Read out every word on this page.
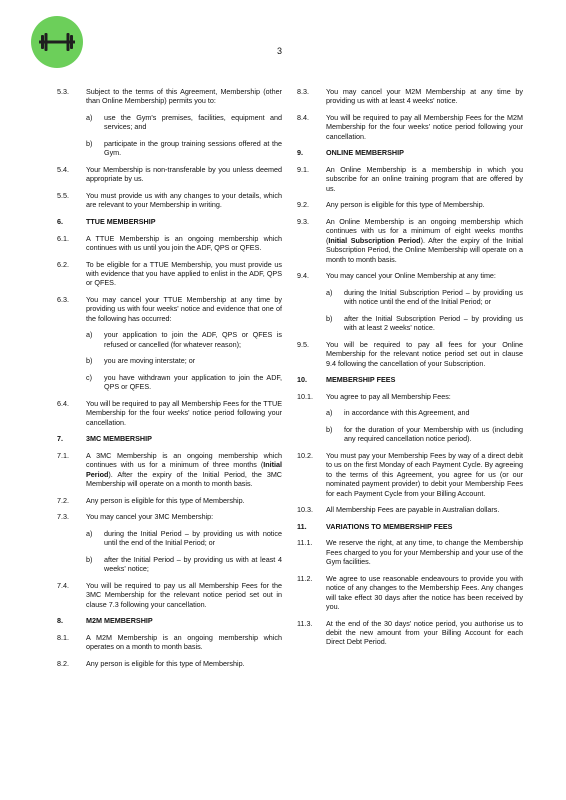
3
5.3.	Subject to the terms of this Agreement, Membership (other than Online Membership) permits you to:
a)	use the Gym's premises, facilities, equipment and services; and
b)	participate in the group training sessions offered at the Gym.
5.4.	Your Membership is non-transferable by you unless deemed appropriate by us.
5.5.	You must provide us with any changes to your details, which are relevant to your Membership in writing.
6.	TTUE MEMBERSHIP
6.1.	A TTUE Membership is an ongoing membership which continues with us until you join the ADF, QPS or QFES.
6.2.	To be eligible for a TTUE Membership, you must provide us with evidence that you have applied to enlist in the ADF, QPS or QFES.
6.3.	You may cancel your TTUE Membership at any time by providing us with four weeks' notice and evidence that one of the following has occurred:
a)	your application to join the ADF, QPS or QFES is refused or cancelled (for whatever reason);
b)	you are moving interstate; or
c)	you have withdrawn your application to join the ADF, QPS or QFES.
6.4.	You will be required to pay all Membership Fees for the TTUE Membership for the four weeks' notice period following your cancellation.
7.	3MC MEMBERSHIP
7.1.	A 3MC Membership is an ongoing membership which continues with us for a minimum of three months (Initial Period). After the expiry of the Initial Period, the 3MC Membership will operate on a month to month basis.
7.2.	Any person is eligible for this type of Membership.
7.3.	You may cancel your 3MC Membership:
a)	during the Initial Period – by providing us with notice until the end of the Initial Period; or
b)	after the Initial Period – by providing us with at least 4 weeks' notice;
7.4.	You will be required to pay us all Membership Fees for the 3MC Membership for the relevant notice period set out in clause 7.3 following your cancellation.
8.	M2M MEMBERSHIP
8.1.	A M2M Membership is an ongoing membership which operates on a month to month basis.
8.2.	Any person is eligible for this type of Membership.
8.3.	You may cancel your M2M Membership at any time by providing us with at least 4 weeks' notice.
8.4.	You will be required to pay all Membership Fees for the M2M Membership for the four weeks' notice period following your cancellation.
9.	ONLINE MEMBERSHIP
9.1.	An Online Membership is a membership in which you subscribe for an online training program that are offered by us.
9.2.	Any person is eligible for this type of Membership.
9.3.	An Online Membership is an ongoing membership which continues with us for a minimum of eight weeks months (Initial Subscription Period). After the expiry of the Initial Subscription Period, the Online Membership will operate on a month to month basis.
9.4.	You may cancel your Online Membership at any time:
a)	during the Initial Subscription Period – by providing us with notice until the end of the Initial Period; or
b)	after the Initial Subscription Period – by providing us with at least 2 weeks' notice.
9.5.	You will be required to pay all fees for your Online Membership for the relevant notice period set out in clause 9.4 following the cancellation of your Subscription.
10.	MEMBERSHIP FEES
10.1.	You agree to pay all Membership Fees:
a)	in accordance with this Agreement, and
b)	for the duration of your Membership with us (including any required cancellation notice period).
10.2.	You must pay your Membership Fees by way of a direct debit to us on the first Monday of each Payment Cycle. By agreeing to the terms of this Agreement, you agree for us (or our nominated payment provider) to debit your Membership Fees for each Payment Cycle from your Billing Account.
10.3.	All Membership Fees are payable in Australian dollars.
11.	VARIATIONS TO MEMBERSHIP FEES
11.1.	We reserve the right, at any time, to change the Membership Fees charged to you for your Membership and your use of the Gym facilities.
11.2.	We agree to use reasonable endeavours to provide you with notice of any changes to the Membership Fees. Any changes will take effect 30 days after the notice has been received by you.
11.3.	At the end of the 30 days' notice period, you authorise us to debit the new amount from your Billing Account for each Direct Debt Period.
